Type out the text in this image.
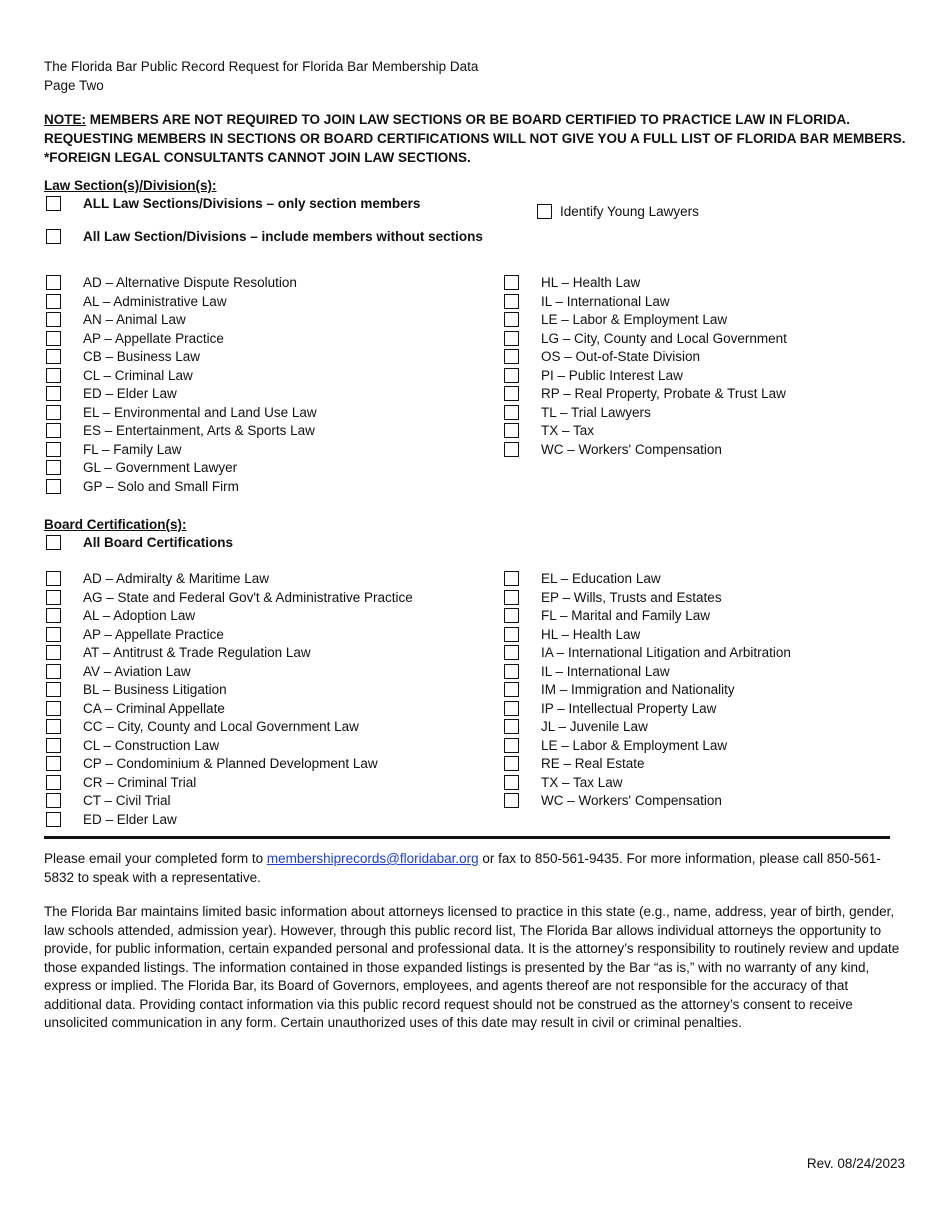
The Florida Bar Public Record Request for Florida Bar Membership Data
Page Two
NOTE: MEMBERS ARE NOT REQUIRED TO JOIN LAW SECTIONS OR BE BOARD CERTIFIED TO PRACTICE LAW IN FLORIDA. REQUESTING MEMBERS IN SECTIONS OR BOARD CERTIFICATIONS WILL NOT GIVE YOU A FULL LIST OF FLORIDA BAR MEMBERS. *FOREIGN LEGAL CONSULTANTS CANNOT JOIN LAW SECTIONS.
Law Section(s)/Division(s):
ALL Law Sections/Divisions – only section members
All Law Section/Divisions – include members without sections
Identify Young Lawyers
AD – Alternative Dispute Resolution
AL – Administrative Law
AN – Animal Law
AP – Appellate Practice
CB – Business Law
CL – Criminal Law
ED – Elder Law
EL – Environmental and Land Use Law
ES – Entertainment, Arts & Sports Law
FL – Family Law
GL – Government Lawyer
GP – Solo and Small Firm
HL – Health Law
IL – International Law
LE – Labor & Employment Law
LG – City, County and Local Government
OS – Out-of-State Division
PI – Public Interest Law
RP – Real Property, Probate & Trust Law
TL – Trial Lawyers
TX – Tax
WC – Workers' Compensation
Board Certification(s):
All Board Certifications
AD – Admiralty & Maritime Law
AG – State and Federal Gov't & Administrative Practice
AL – Adoption Law
AP – Appellate Practice
AT – Antitrust & Trade Regulation Law
AV – Aviation Law
BL – Business Litigation
CA – Criminal Appellate
CC – City, County and Local Government Law
CL – Construction Law
CP – Condominium & Planned Development Law
CR – Criminal Trial
CT – Civil Trial
ED – Elder Law
EL – Education Law
EP – Wills, Trusts and Estates
FL – Marital and Family Law
HL – Health Law
IA – International Litigation and Arbitration
IL – International Law
IM – Immigration and Nationality
IP – Intellectual Property Law
JL – Juvenile Law
LE – Labor & Employment Law
RE – Real Estate
TX – Tax Law
WC – Workers' Compensation
Please email your completed form to membershiprecords@floridabar.org or fax to 850-561-9435. For more information, please call 850-561-5832 to speak with a representative.
The Florida Bar maintains limited basic information about attorneys licensed to practice in this state (e.g., name, address, year of birth, gender, law schools attended, admission year). However, through this public record list, The Florida Bar allows individual attorneys the opportunity to provide, for public information, certain expanded personal and professional data. It is the attorney’s responsibility to routinely review and update those expanded listings. The information contained in those expanded listings is presented by the Bar “as is,” with no warranty of any kind, express or implied. The Florida Bar, its Board of Governors, employees, and agents thereof are not responsible for the accuracy of that additional data. Providing contact information via this public record request should not be construed as the attorney’s consent to receive unsolicited communication in any form. Certain unauthorized uses of this date may result in civil or criminal penalties.
Rev. 08/24/2023
